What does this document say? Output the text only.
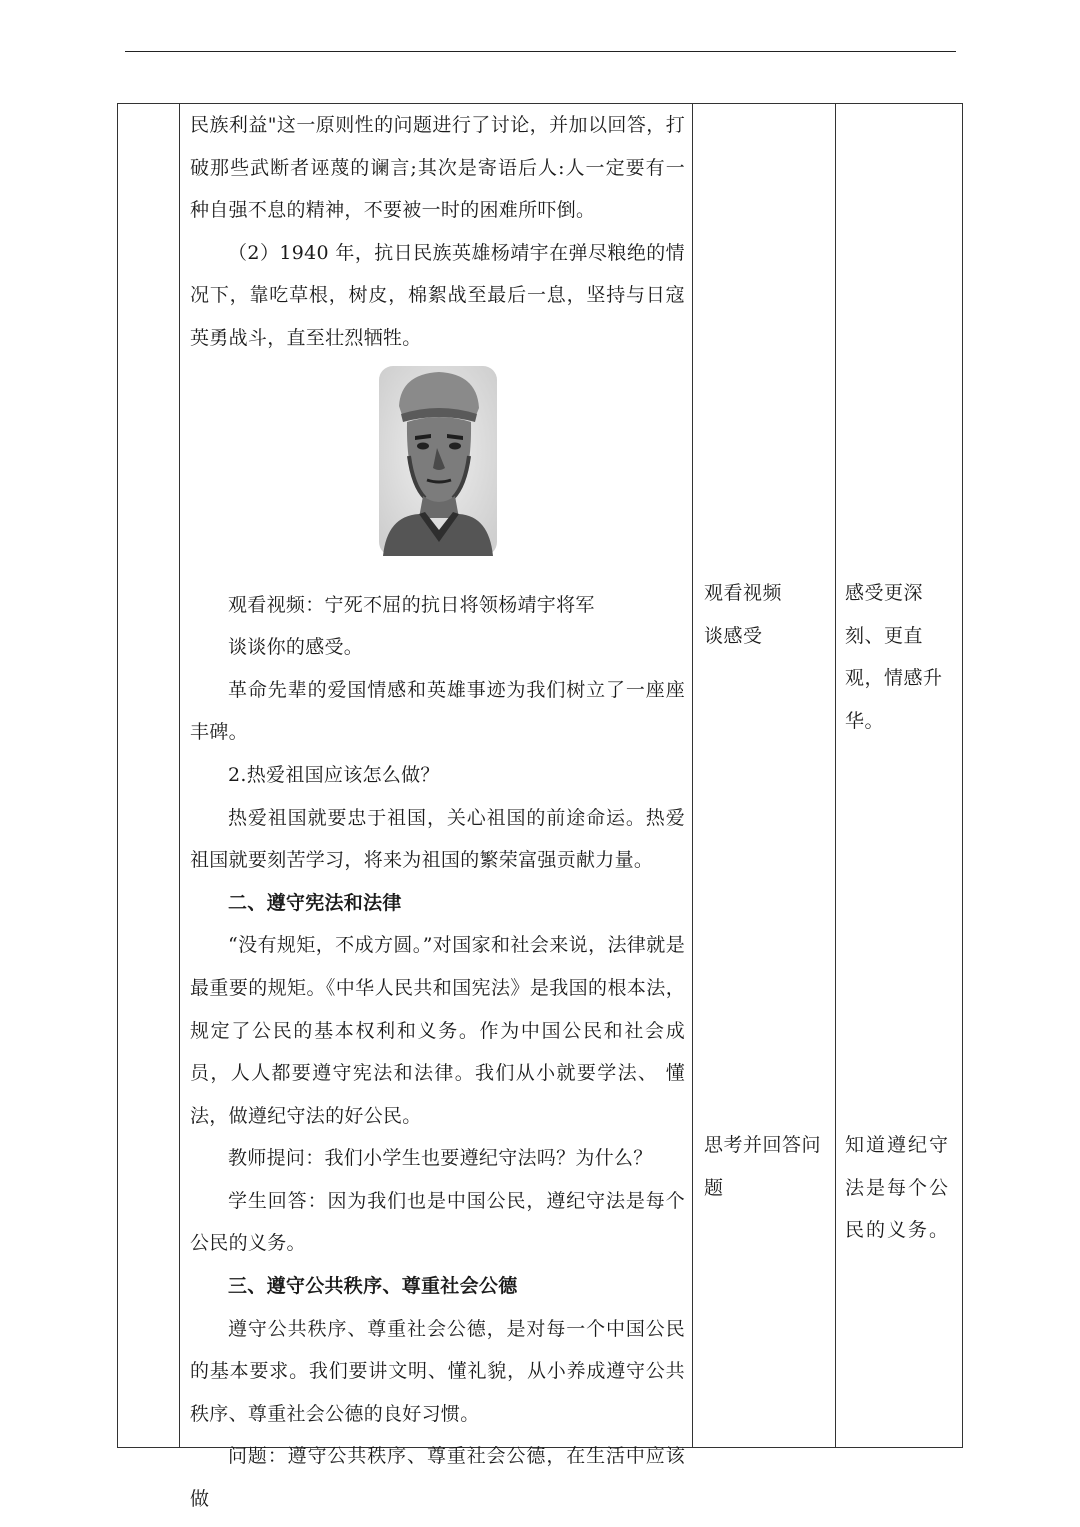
民族利益"这一原则性的问题进行了讨论，并加以回答，打破那些武断者诬蔑的谰言;其次是寄语后人:人一定要有一种自强不息的精神，不要被一时的困难所吓倒。

（2）1940 年，抗日民族英雄杨靖宇在弹尽粮绝的情况下，靠吃草根，树皮，棉絮战至最后一息，坚持与日寇英勇战斗，直至壮烈牺牲。

观看视频：宁死不屈的抗日将领杨靖宇将军

谈谈你的感受。

革命先辈的爱国情感和英雄事迹为我们树立了一座座丰碑。

2.热爱祖国应该怎么做？

热爱祖国就要忠于祖国，关心祖国的前途命运。热爱祖国就要刻苦学习，将来为祖国的繁荣富强贡献力量。

二、遵守宪法和法律

“没有规矩，不成方圆。”对国家和社会来说，法律就是最重要的规矩。《中华人民共和国宪法》是我国的根本法，规定了公民的基本权利和义务。作为中国公民和社会成员，人人都要遵守宪法和法律。我们从小就要学法、 懂法，做遵纪守法的好公民。

教师提问：我们小学生也要遵纪守法吗？为什么？

学生回答：因为我们也是中国公民，遵纪守法是每个公民的义务。

三、遵守公共秩序、尊重社会公德

遵守公共秩序、尊重社会公德，是对每一个中国公民的基本要求。我们要讲文明、懂礼貌，从小养成遵守公共秩序、尊重社会公德的良好习惯。

问题：遵守公共秩序、尊重社会公德，在生活中应该做

观看视频

谈感受

思考并回答问题

感受更深刻、更直观，情感升华。

知道遵纪守法是每个公民的义务。
